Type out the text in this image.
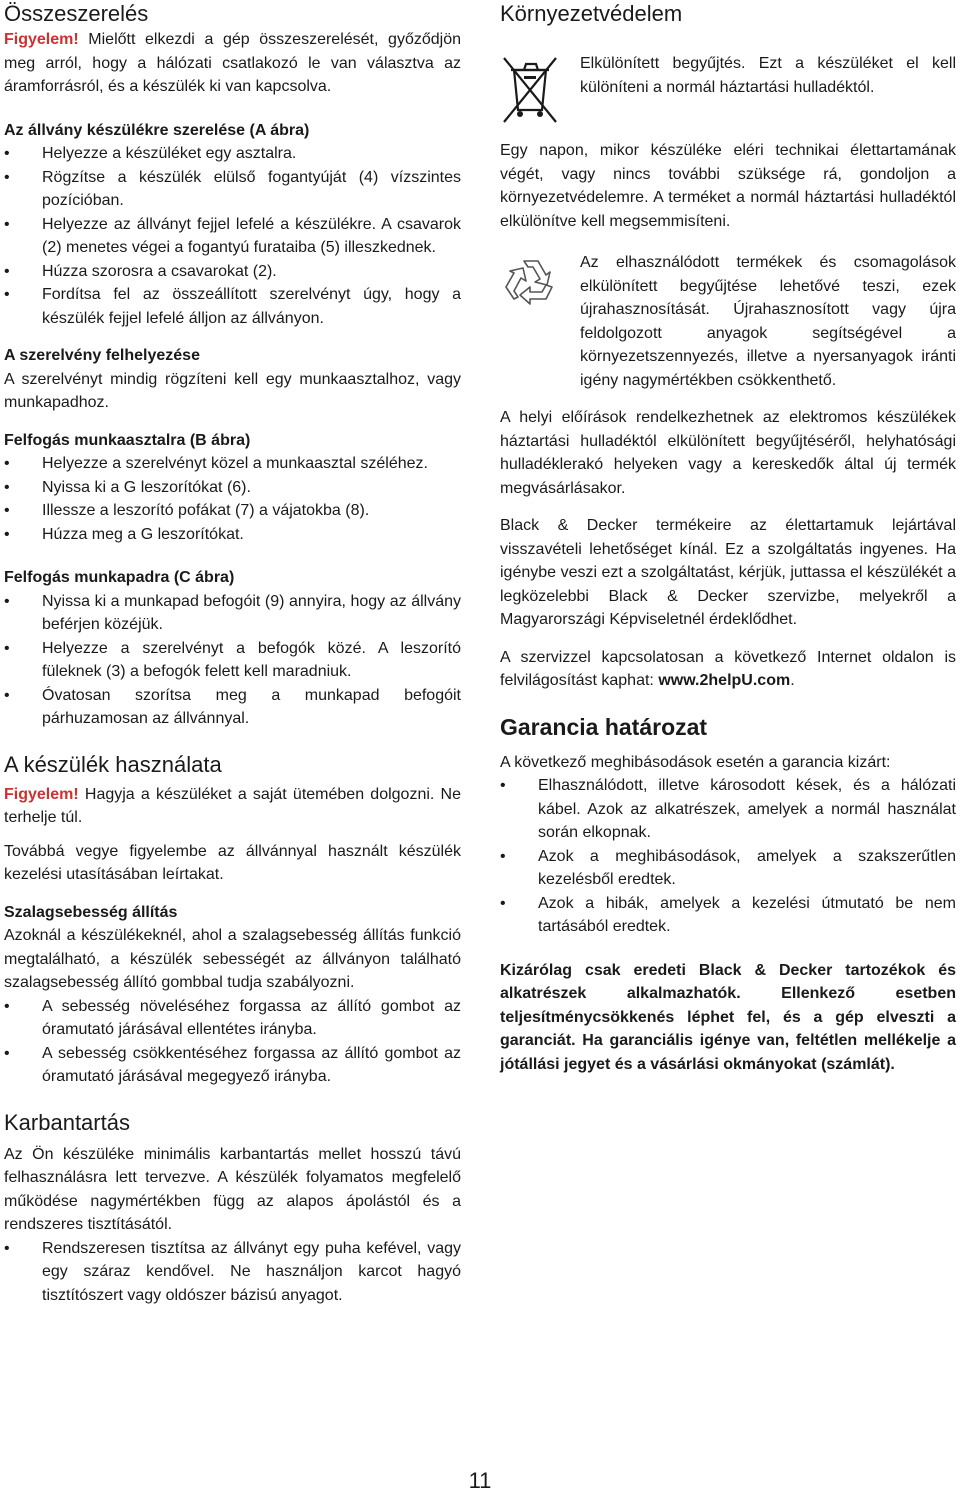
Összeszerelés

Figyelem! Mielőtt elkezdi a gép összeszerelését, győződjön meg arról, hogy a hálózati csatlakozó le van választva az áramforrásról, és a készülék ki van kapcsolva.

Az állvány készülékre szerelése (A ábra)
• Helyezze a készüléket egy asztalra.
• Rögzítse a készülék elülső fogantyúját (4) vízszintes pozícióban.
• Helyezze az állványt fejjel lefelé a készülékre. A csavarok (2) menetes végei a fogantyú furataiba (5) illeszkednek.
• Húzza szorosra a csavarokat (2).
• Fordítsa fel az összeállított szerelvényt úgy, hogy a készülék fejjel lefelé álljon az állványon.
A szerelvény felhelyezése

A szerelvényt mindig rögzíteni kell egy munkaasztalhoz, vagy munkapadhoz.

Felfogás munkaasztalra (B ábra)
• Helyezze a szerelvényt közel a munkaasztal széléhez.
• Nyissa ki a G leszorítókat (6).
• Illessze a leszorító pofákat (7) a vájatokba (8).
• Húzza meg a G leszorítókat.
Felfogás munkapadra (C ábra)
• Nyissa ki a munkapad befogóit (9) annyira, hogy az állvány beférjen közéjük.
• Helyezze a szerelvényt a befogók közé. A leszorító füleknek (3) a befogók felett kell maradniuk.
• Óvatosan szorítsa meg a munkapad befogóit párhuzamosan az állvánnyal.
A készülék használata

Figyelem! Hagyja a készüléket a saját ütemében dolgozni. Ne terhelje túl.

Továbbá vegye figyelembe az állvánnyal használt készülék kezelési utasításában leírtakat.

Szalagsebesség állítás

Azoknál a készülékeknél, ahol a szalagsebesség állítás funkció megtalálható, a készülék sebességét az állványon található szalagsebesség állító gombbal tudja szabályozni.

• A sebesség növeléséhez forgassa az állító gombot az óramutató járásával ellentétes irányba.
• A sebesség csökkentéséhez forgassa az állító gombot az óramutató járásával megegyező irányba.
Karbantartás

Az Ön készüléke minimális karbantartás mellet hosszú távú felhasználásra lett tervezve. A készülék folyamatos megfelelő működése nagymértékben függ az alapos ápolástól és a rendszeres tisztításától.

• Rendszeresen tisztítsa az állványt egy puha kefével, vagy egy száraz kendővel. Ne használjon karcot hagyó tisztítószert vagy oldószer bázisú anyagot.
Környezetvédelem

Elkülönített begyűjtés. Ezt a készüléket el kell különíteni a normál háztartási hulladéktól.

Egy napon, mikor készüléke eléri technikai élettartamának végét, vagy nincs további szüksége rá, gondoljon a környezetvédelemre. A terméket a normál háztartási hulladéktól elkülönítve kell megsemmisíteni.

Az elhasználódott termékek és csomagolások elkülönített begyűjtése lehetővé teszi, ezek újrahasznosítását. Újrahasznosított vagy újra feldolgozott anyagok segítségével a környezetszennyezés, illetve a nyersanyagok iránti igény nagymértékben csökkenthető.

A helyi előírások rendelkezhetnek az elektromos készülékek háztartási hulladéktól elkülönített begyűjtéséről, helyhatósági hulladéklerakó helyeken vagy a kereskedők által új termék megvásárlásakor.

Black & Decker termékeire az élettartamuk lejártával visszavételi lehetőséget kínál. Ez a szolgáltatás ingyenes. Ha igénybe veszi ezt a szolgáltatást, kérjük, juttassa el készülékét a legközelebbi Black & Decker szervizbe, melyekről a Magyarországi Képviseletnél érdeklődhet.

A szervizzel kapcsolatosan a következő Internet oldalon is felvilágosítást kaphat: www.2helpU.com.

Garancia határozat

A következő meghibásodások esetén a garancia kizárt:

• Elhasználódott, illetve károsodott kések, és a hálózati kábel. Azok az alkatrészek, amelyek a normál használat során elkopnak.
• Azok a meghibásodások, amelyek a szakszerűtlen kezelésből eredtek.
• Azok a hibák, amelyek a kezelési útmutató be nem tartásából eredtek.

Kizárólag csak eredeti Black & Decker tartozékok és alkatrészek alkalmazhatók. Ellenkező esetben teljesítménycsökkenés léphet fel, és a gép elveszti a garanciát. Ha garanciális igénye van, feltétlen mellékelje a jótállási jegyet és a vásárlási okmányokat (számlát).

11
